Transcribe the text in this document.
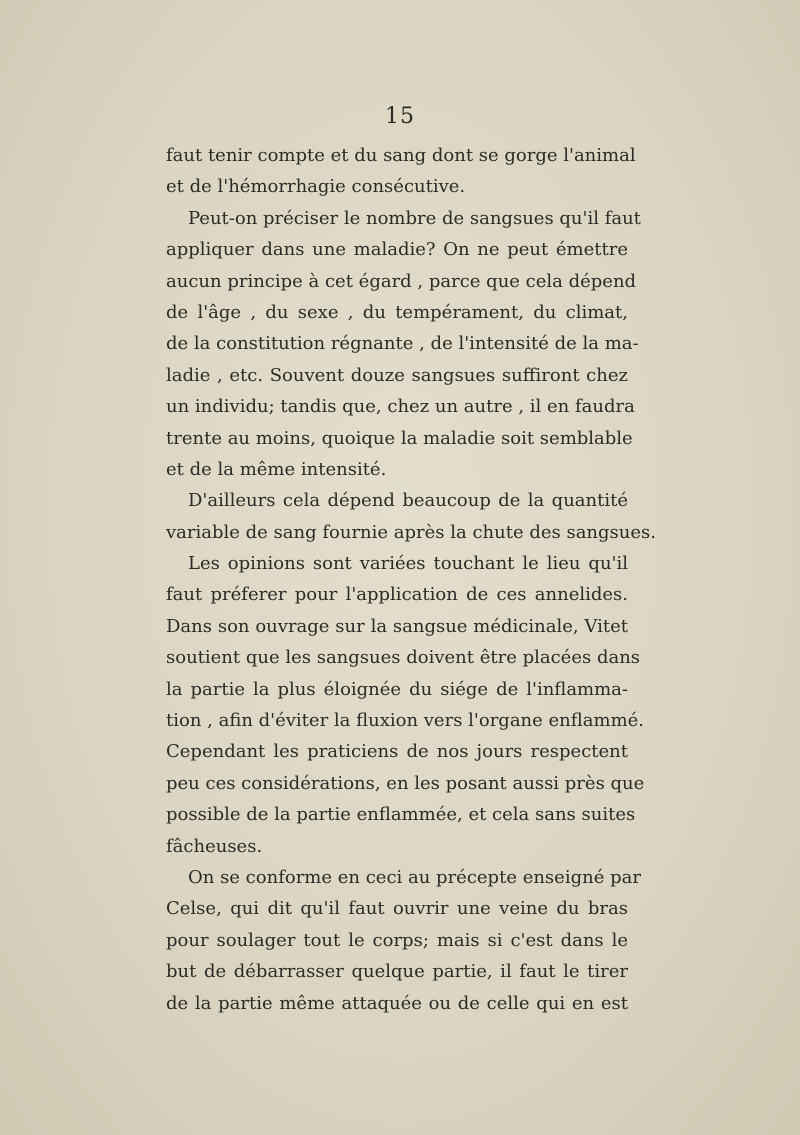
15
faut tenir compte et du sang dont se gorge l'animal
et de l'hémorrhagie consécutive.
Peut-on préciser le nombre de sangsues qu'il faut
appliquer dans une maladie? On ne peut émettre
aucun principe à cet égard , parce que cela dépend
de l'âge , du sexe , du tempérament, du climat,
de la constitution régnante , de l'intensité de la ma-
ladie , etc. Souvent douze sangsues suffiront chez
un individu; tandis que, chez un autre , il en faudra
trente au moins, quoique la maladie soit semblable
et de la même intensité.
D'ailleurs cela dépend beaucoup de la quantité
variable de sang fournie après la chute des sangsues.
Les opinions sont variées touchant le lieu qu'il
faut préferer pour l'application de ces annelides.
Dans son ouvrage sur la sangsue médicinale, Vitet
soutient que les sangsues doivent être placées dans
la partie la plus éloignée du siége de l'inflamma-
tion , afin d'éviter la fluxion vers l'organe enflammé.
Cependant les praticiens de nos jours respectent
peu ces considérations, en les posant aussi près que
possible de la partie enflammée, et cela sans suites
fâcheuses.
On se conforme en ceci au précepte enseigné par
Celse, qui dit qu'il faut ouvrir une veine du bras
pour soulager tout le corps; mais si c'est dans le
but de débarrasser quelque partie, il faut le tirer
de la partie même attaquée ou de celle qui en est
